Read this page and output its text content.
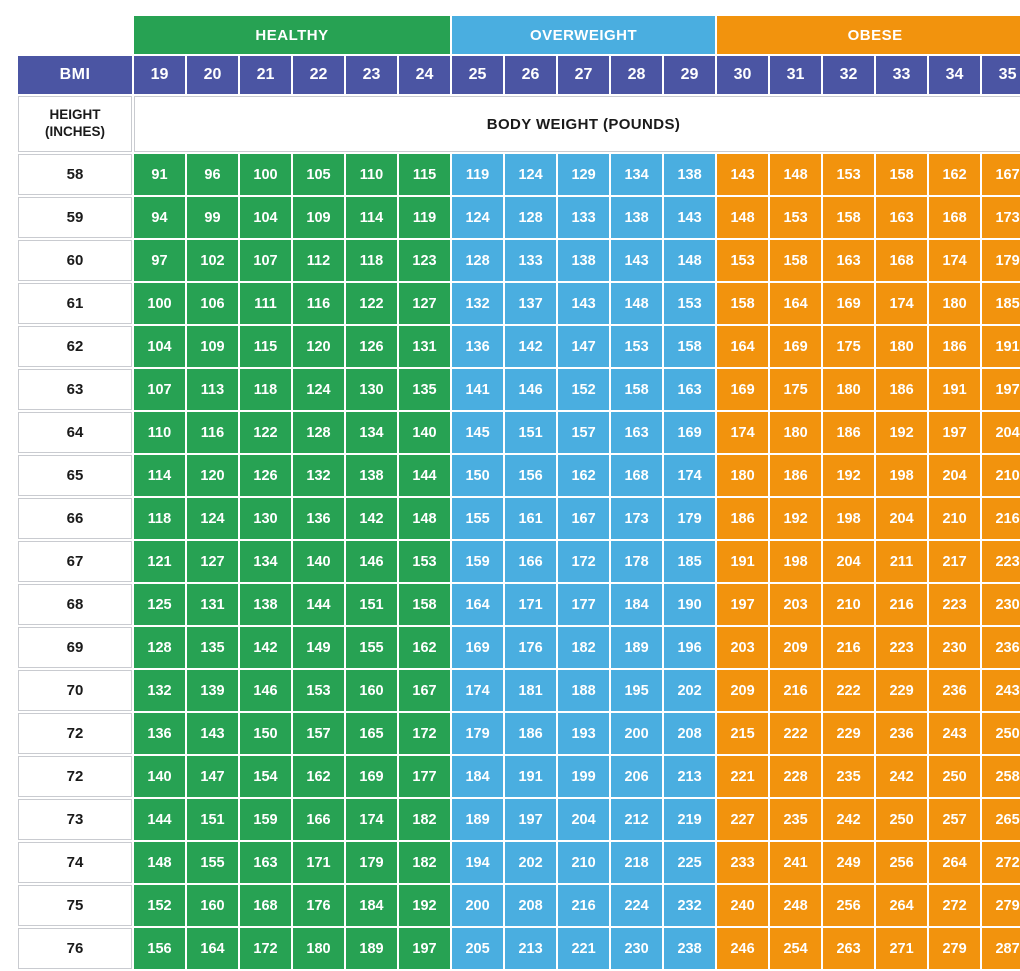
	HEALTHY						OVERWEIGHT					OBESE					
BMI	19	20	21	22	23	24	25	26	27	28	29	30	31	32	33	34	35

HEIGHT
(INCHES)	BODY WEIGHT (POUNDS)																
58	91	96	100	105	110	115	119	124	129	134	138	143	148	153	158	162	167
59	94	99	104	109	114	119	124	128	133	138	143	148	153	158	163	168	173
60	97	102	107	112	118	123	128	133	138	143	148	153	158	163	168	174	179
61	100	106	111	116	122	127	132	137	143	148	153	158	164	169	174	180	185
62	104	109	115	120	126	131	136	142	147	153	158	164	169	175	180	186	191
63	107	113	118	124	130	135	141	146	152	158	163	169	175	180	186	191	197
64	110	116	122	128	134	140	145	151	157	163	169	174	180	186	192	197	204
65	114	120	126	132	138	144	150	156	162	168	174	180	186	192	198	204	210
66	118	124	130	136	142	148	155	161	167	173	179	186	192	198	204	210	216
67	121	127	134	140	146	153	159	166	172	178	185	191	198	204	211	217	223
68	125	131	138	144	151	158	164	171	177	184	190	197	203	210	216	223	230
69	128	135	142	149	155	162	169	176	182	189	196	203	209	216	223	230	236
70	132	139	146	153	160	167	174	181	188	195	202	209	216	222	229	236	243
72	136	143	150	157	165	172	179	186	193	200	208	215	222	229	236	243	250
72	140	147	154	162	169	177	184	191	199	206	213	221	228	235	242	250	258
73	144	151	159	166	174	182	189	197	204	212	219	227	235	242	250	257	265
74	148	155	163	171	179	182	194	202	210	218	225	233	241	249	256	264	272
75	152	160	168	176	184	192	200	208	216	224	232	240	248	256	264	272	279
76	156	164	172	180	189	197	205	213	221	230	238	246	254	263	271	279	287
